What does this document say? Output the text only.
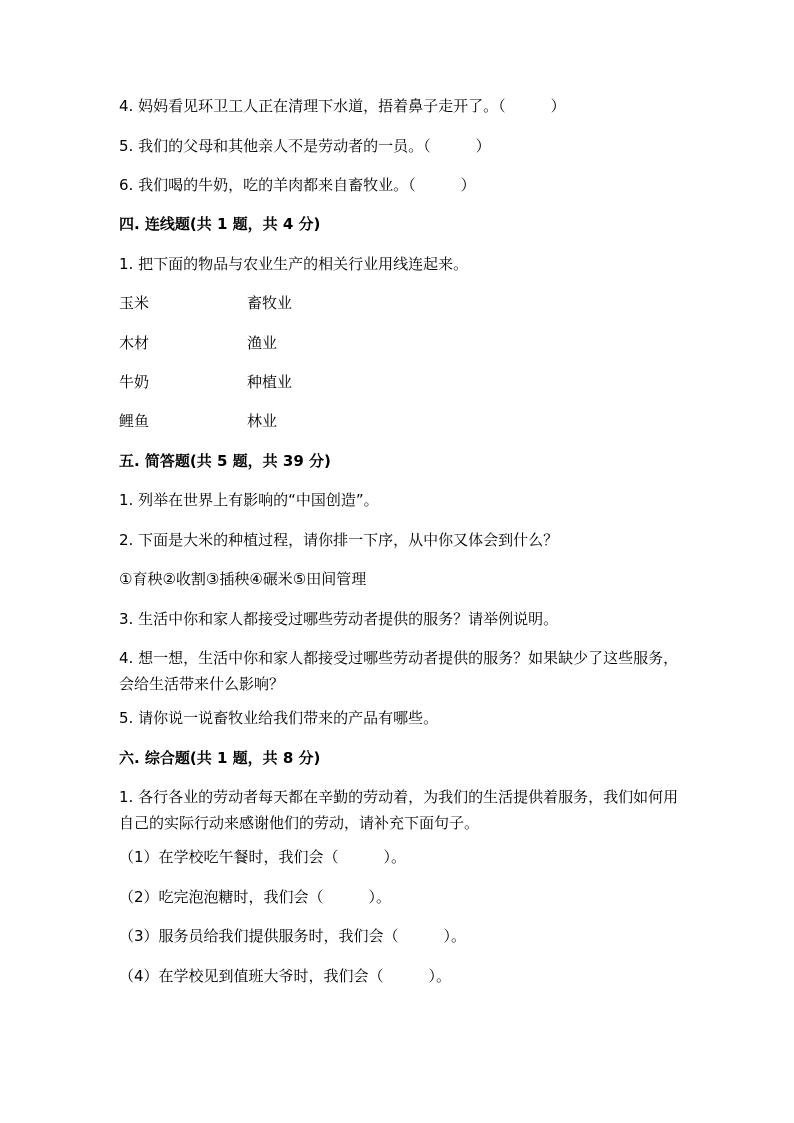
4. 妈妈看见环卫工人正在清理下水道，捂着鼻子走开了。（　　　）
5. 我们的父母和其他亲人不是劳动者的一员。（　　　）
6. 我们喝的牛奶，吃的羊肉都来自畜牧业。（　　　）
四. 连线题(共 1 题，共 4 分)
1. 把下面的物品与农业生产的相关行业用线连起来。
玉米	畜牧业
木材	渔业
牛奶	种植业
鲤鱼	林业
五. 简答题(共 5 题，共 39 分)
1. 列举在世界上有影响的“中国创造”。
2. 下面是大米的种植过程，请你排一下序，从中你又体会到什么？
①育秧②收割③插秧④碾米⑤田间管理
3. 生活中你和家人都接受过哪些劳动者提供的服务？请举例说明。
4. 想一想，生活中你和家人都接受过哪些劳动者提供的服务？如果缺少了这些服务，会给生活带来什么影响？
5. 请你说一说畜牧业给我们带来的产品有哪些。
六. 综合题(共 1 题，共 8 分)
1. 各行各业的劳动者每天都在辛勤的劳动着，为我们的生活提供着服务，我们如何用自己的实际行动来感谢他们的劳动，请补充下面句子。
（1）在学校吃午餐时，我们会（　　　）。
（2）吃完泡泡糖时，我们会（　　　）。
（3）服务员给我们提供服务时，我们会（　　　）。
（4）在学校见到值班大爷时，我们会（　　　）。
